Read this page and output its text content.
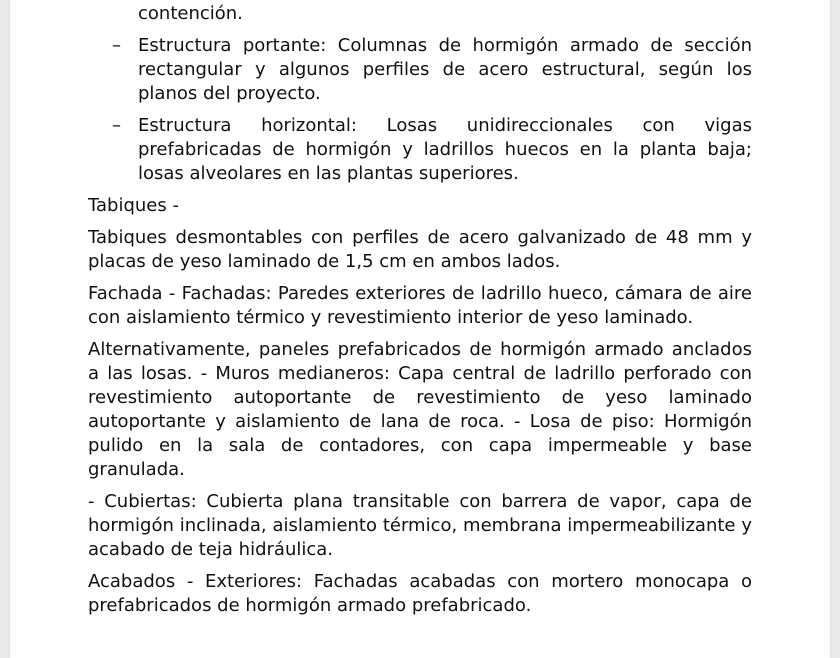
contención.
– Estructura portante: Columnas de hormigón armado de sección rectangular y algunos perfiles de acero estructural, según los planos del proyecto.
– Estructura horizontal: Losas unidireccionales con vigas prefabricadas de hormigón y ladrillos huecos en la planta baja; losas alveolares en las plantas superiores.
Tabiques -
Tabiques desmontables con perfiles de acero galvanizado de 48 mm y placas de yeso laminado de 1,5 cm en ambos lados.
Fachada - Fachadas: Paredes exteriores de ladrillo hueco, cámara de aire con aislamiento térmico y revestimiento interior de yeso laminado.
Alternativamente, paneles prefabricados de hormigón armado anclados a las losas. - Muros medianeros: Capa central de ladrillo perforado con revestimiento autoportante de revestimiento de yeso laminado autoportante y aislamiento de lana de roca. - Losa de piso: Hormigón pulido en la sala de contadores, con capa impermeable y base granulada.
- Cubiertas: Cubierta plana transitable con barrera de vapor, capa de hormigón inclinada, aislamiento térmico, membrana impermeabilizante y acabado de teja hidráulica.
Acabados - Exteriores: Fachadas acabadas con mortero monocapa o prefabricados de hormigón armado prefabricado.
